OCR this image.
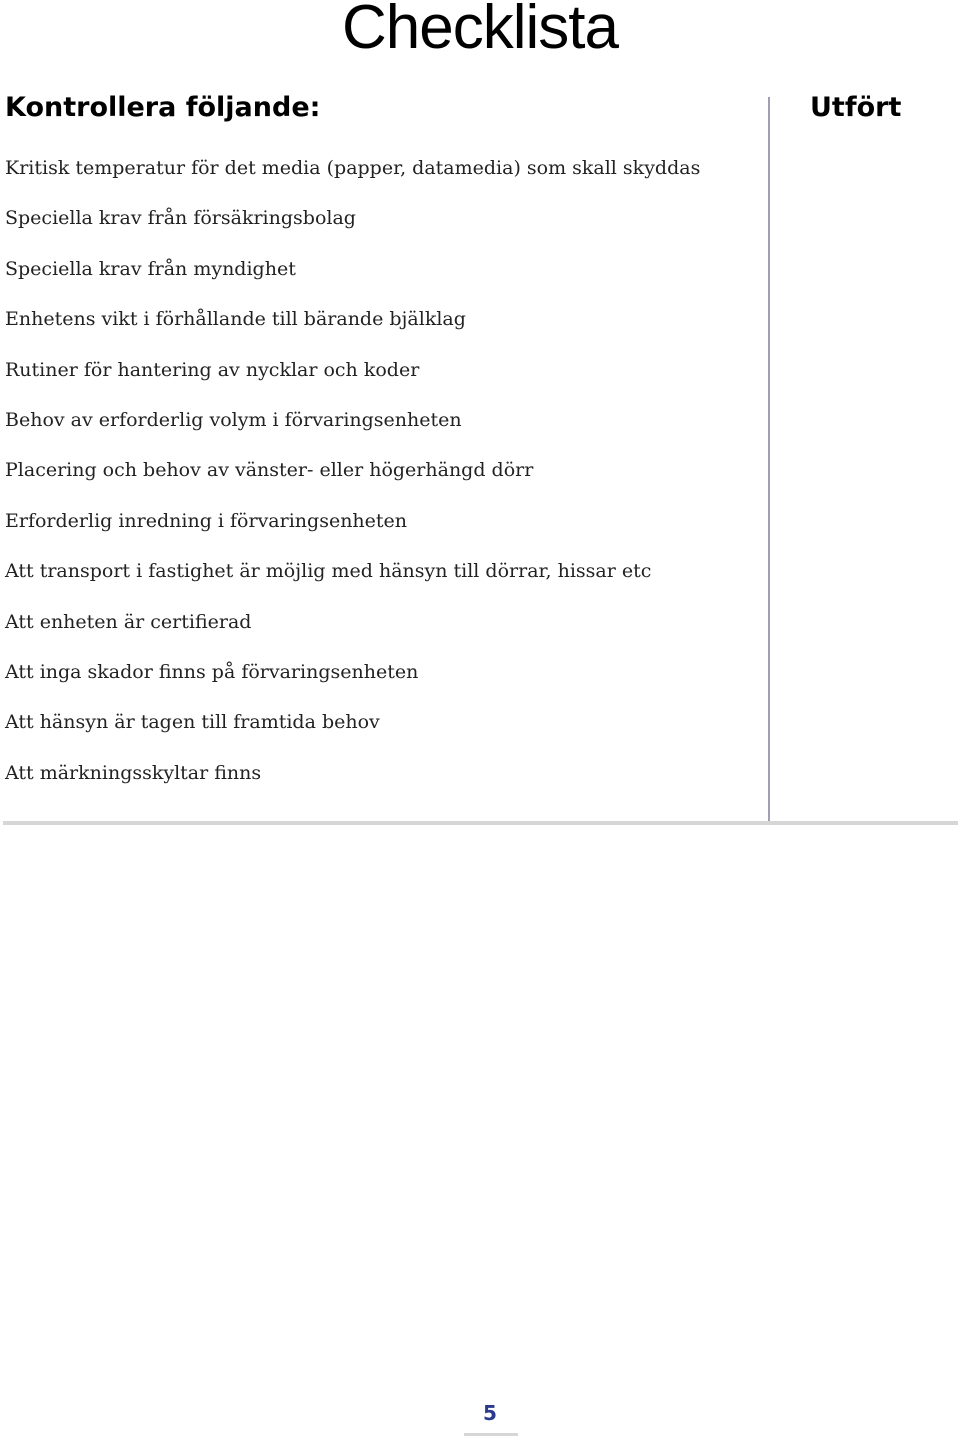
Checklista
Kontrollera följande:	Utfört
Kritisk temperatur för det media (papper, datamedia) som skall skyddas
Speciella krav från försäkringsbolag
Speciella krav från myndighet
Enhetens vikt i förhållande till bärande bjälklag
Rutiner för hantering av nycklar och koder
Behov av erforderlig volym i förvaringsenheten
Placering och behov av vänster- eller högerhängd dörr
Erforderlig inredning i förvaringsenheten
Att transport i fastighet är möjlig med hänsyn till dörrar, hissar etc
Att enheten är certifierad
Att inga skador finns på förvaringsenheten
Att hänsyn är tagen till framtida behov
Att märkningsskyltar finns
5
